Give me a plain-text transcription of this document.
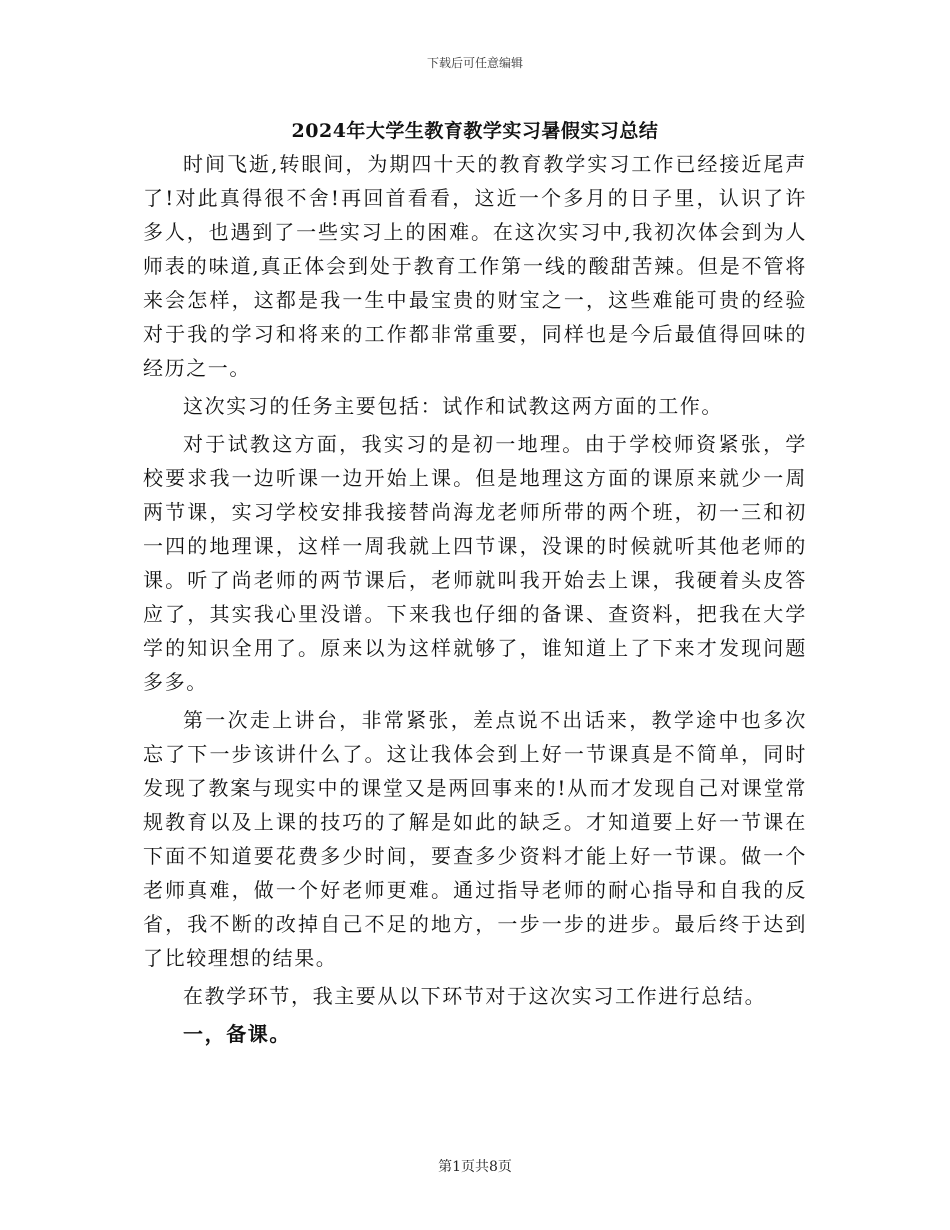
下载后可任意编辑
2024年大学生教育教学实习暑假实习总结

时间飞逝,转眼间，为期四十天的教育教学实习工作已经接近尾声了!对此真得很不舍!再回首看看，这近一个多月的日子里，认识了许多人，也遇到了一些实习上的困难。在这次实习中,我初次体会到为人师表的味道,真正体会到处于教育工作第一线的酸甜苦辣。但是不管将来会怎样，这都是我一生中最宝贵的财宝之一，这些难能可贵的经验对于我的学习和将来的工作都非常重要，同样也是今后最值得回味的经历之一。

这次实习的任务主要包括：试作和试教这两方面的工作。

对于试教这方面，我实习的是初一地理。由于学校师资紧张，学校要求我一边听课一边开始上课。但是地理这方面的课原来就少一周两节课，实习学校安排我接替尚海龙老师所带的两个班，初一三和初一四的地理课，这样一周我就上四节课，没课的时候就听其他老师的课。听了尚老师的两节课后，老师就叫我开始去上课，我硬着头皮答应了，其实我心里没谱。下来我也仔细的备课、查资料，把我在大学学的知识全用了。原来以为这样就够了，谁知道上了下来才发现问题多多。

第一次走上讲台，非常紧张，差点说不出话来，教学途中也多次忘了下一步该讲什么了。这让我体会到上好一节课真是不简单，同时发现了教案与现实中的课堂又是两回事来的!从而才发现自己对课堂常规教育以及上课的技巧的了解是如此的缺乏。才知道要上好一节课在下面不知道要花费多少时间，要查多少资料才能上好一节课。做一个老师真难，做一个好老师更难。通过指导老师的耐心指导和自我的反省，我不断的改掉自己不足的地方，一步一步的进步。最后终于达到了比较理想的结果。

在教学环节，我主要从以下环节对于这次实习工作进行总结。

一，备课。

第1页共8页
